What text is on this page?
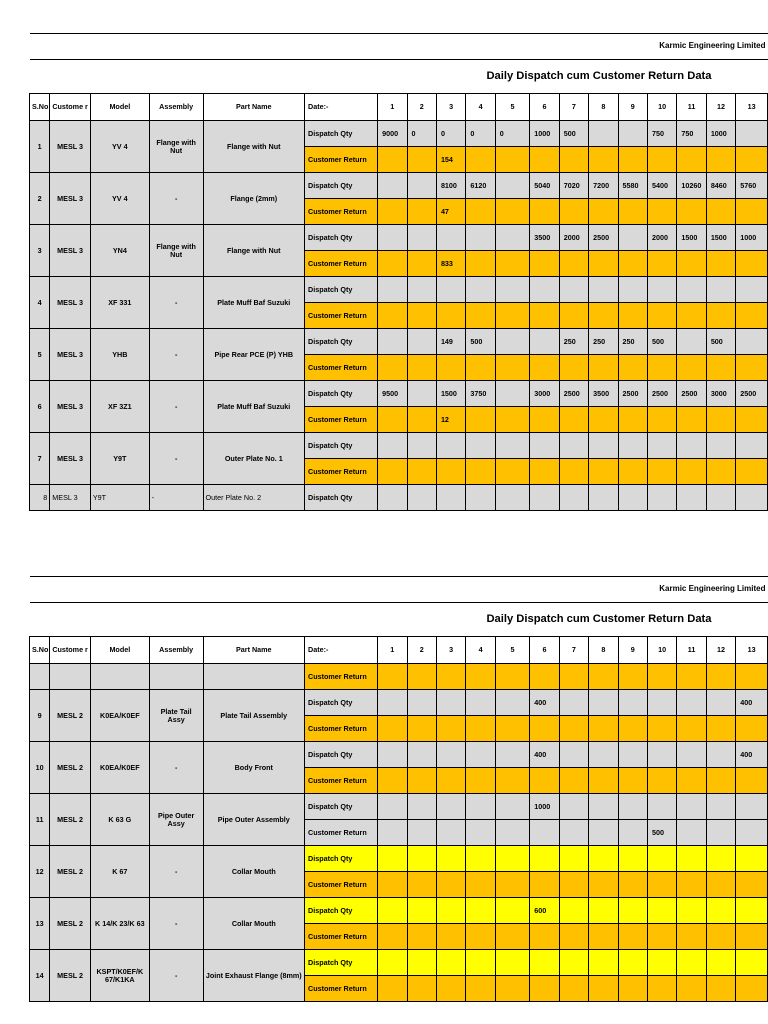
Karmic Engineering Limited																		
Daily Dispatch cum Customer Return Data																		
S.No	Custome r	Model	Assembly	Part Name	Date:-	1	2	3	4	5	6	7	8	9	10	11	12	13
1	MESL 3	YV 4	Flange with Nut	Flange with Nut	Dispatch Qty	9000	0	0	0	0	1000	500			750	750	1000	
					Customer Return			154										
2	MESL 3	YV 4	-	Flange (2mm)	Dispatch Qty			8100	6120		5040	7020	7200	5580	5400	10260	8460	5760
					Customer Return			47										
3	MESL 3	YN4	Flange with Nut	Flange with Nut	Dispatch Qty						3500	2000	2500		2000	1500	1500	1000
					Customer Return			833										
4	MESL 3	XF 331	-	Plate Muff Baf Suzuki	Dispatch Qty													
					Customer Return													
5	MESL 3	YHB	-	Pipe Rear PCE (P) YHB	Dispatch Qty			149	500			250	250	250	500		500	
					Customer Return													
6	MESL 3	XF 3Z1	-	Plate Muff Baf Suzuki	Dispatch Qty	9500		1500	3750		3000	2500	3500	2500	2500	2500	3000	2500
					Customer Return			12										
7	MESL 3	Y9T	-	Outer Plate No. 1	Dispatch Qty													
					Customer Return													
8	MESL 3	Y9T	-	Outer Plate No. 2	Dispatch Qty													
Karmic Engineering Limited																		
Daily Dispatch cum Customer Return Data																		
S.No	Custome r	Model	Assembly	Part Name	Date:-	1	2	3	4	5	6	7	8	9	10	11	12	13
					Customer Return													
9	MESL 2	K0EA/K0EF	Plate Tail Assy	Plate Tail Assembly	Dispatch Qty						400							400
					Customer Return													
10	MESL 2	K0EA/K0EF	-	Body Front	Dispatch Qty						400							400
					Customer Return													
11	MESL 2	K 63 G	Pipe Outer Assy	Pipe Outer Assembly	Dispatch Qty						1000							
					Customer Return										500			
12	MESL 2	K 67	-	Collar Mouth	Dispatch Qty													
					Customer Return													
13	MESL 2	K 14/K 23/K 63	-	Collar Mouth	Dispatch Qty						600							
					Customer Return													
14	MESL 2	KSPT/K0EF/K 67/K1KA	-	Joint Exhaust Flange (8mm)	Dispatch Qty													
					Customer Return													
